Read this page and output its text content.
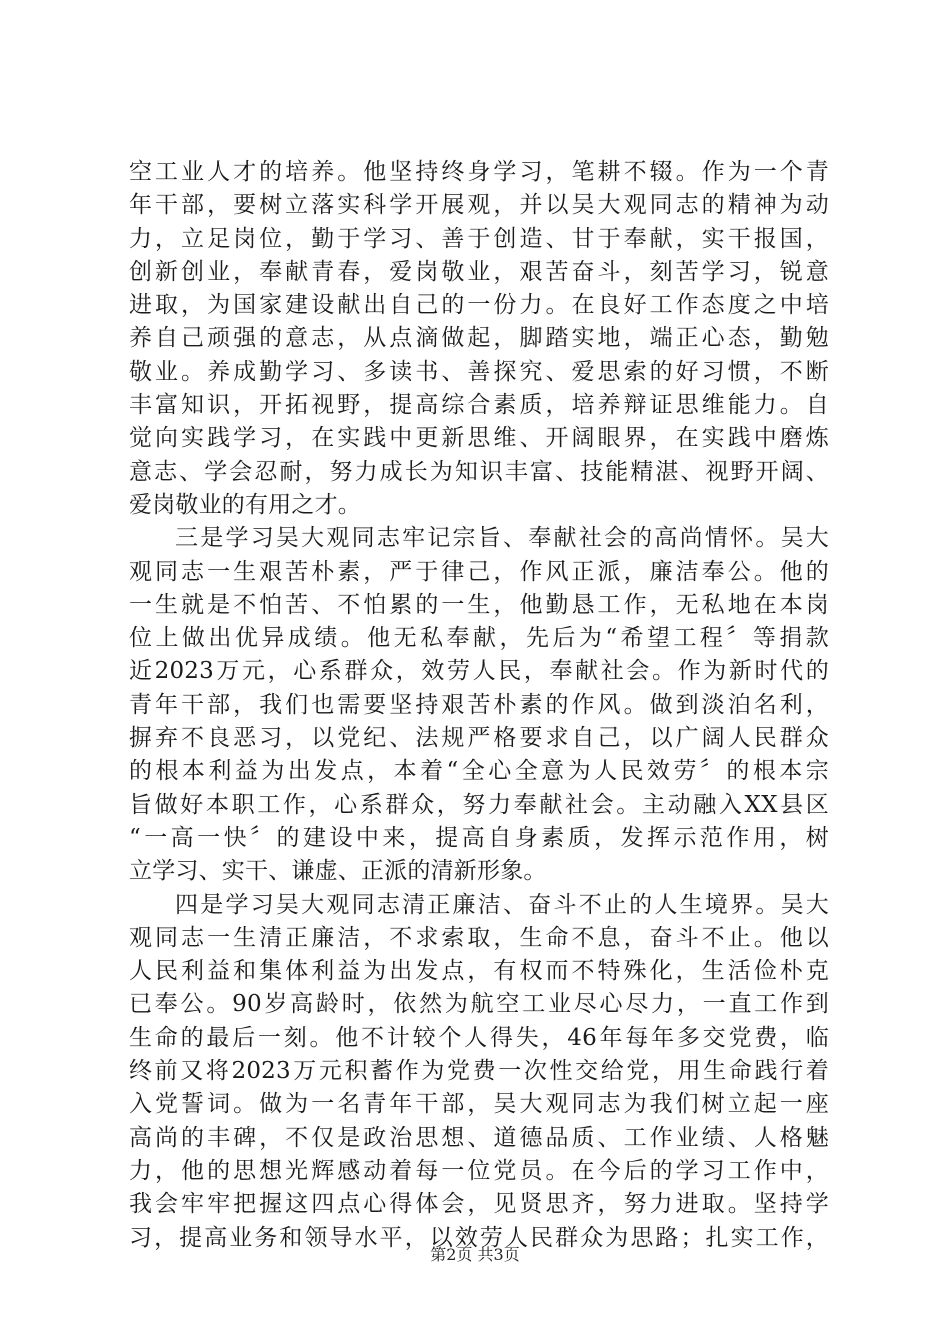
空工业人才的培养。他坚持终身学习，笔耕不辍。作为一个青
年干部，要树立落实科学开展观，并以吴大观同志的精神为动
力，立足岗位，勤于学习、善于创造、甘于奉献，实干报国，
创新创业，奉献青春，爱岗敬业，艰苦奋斗，刻苦学习，锐意
进取，为国家建设献出自己的一份力。在良好工作态度之中培
养自己顽强的意志，从点滴做起，脚踏实地，端正心态，勤勉
敬业。养成勤学习、多读书、善探究、爱思索的好习惯，不断
丰富知识，开拓视野，提高综合素质，培养辩证思维能力。自
觉向实践学习，在实践中更新思维、开阔眼界，在实践中磨炼
意志、学会忍耐，努力成长为知识丰富、技能精湛、视野开阔、
爱岗敬业的有用之才。
三是学习吴大观同志牢记宗旨、奉献社会的高尚情怀。吴大
观同志一生艰苦朴素，严于律己，作风正派，廉洁奉公。他的
一生就是不怕苦、不怕累的一生，他勤恳工作，无私地在本岗
位上做出优异成绩。他无私奉献，先后为“希望工程〞等捐款
近2023万元，心系群众，效劳人民，奉献社会。作为新时代的
青年干部，我们也需要坚持艰苦朴素的作风。做到淡泊名利，
摒弃不良恶习，以党纪、法规严格要求自己，以广阔人民群众
的根本利益为出发点，本着“全心全意为人民效劳〞的根本宗
旨做好本职工作，心系群众，努力奉献社会。主动融入XX县区
“一高一快〞的建设中来，提高自身素质，发挥示范作用，树
立学习、实干、谦虚、正派的清新形象。
四是学习吴大观同志清正廉洁、奋斗不止的人生境界。吴大
观同志一生清正廉洁，不求索取，生命不息，奋斗不止。他以
人民利益和集体利益为出发点，有权而不特殊化，生活俭朴克
已奉公。90岁高龄时，依然为航空工业尽心尽力，一直工作到
生命的最后一刻。他不计较个人得失，46年每年多交党费，临
终前又将2023万元积蓄作为党费一次性交给党，用生命践行着
入党誓词。做为一名青年干部，吴大观同志为我们树立起一座
高尚的丰碑，不仅是政治思想、道德品质、工作业绩、人格魅
力，他的思想光辉感动着每一位党员。在今后的学习工作中，
我会牢牢把握这四点心得体会，见贤思齐，努力进取。坚持学
习，提高业务和领导水平，以效劳人民群众为思路；扎实工作，
第2页 共3页
